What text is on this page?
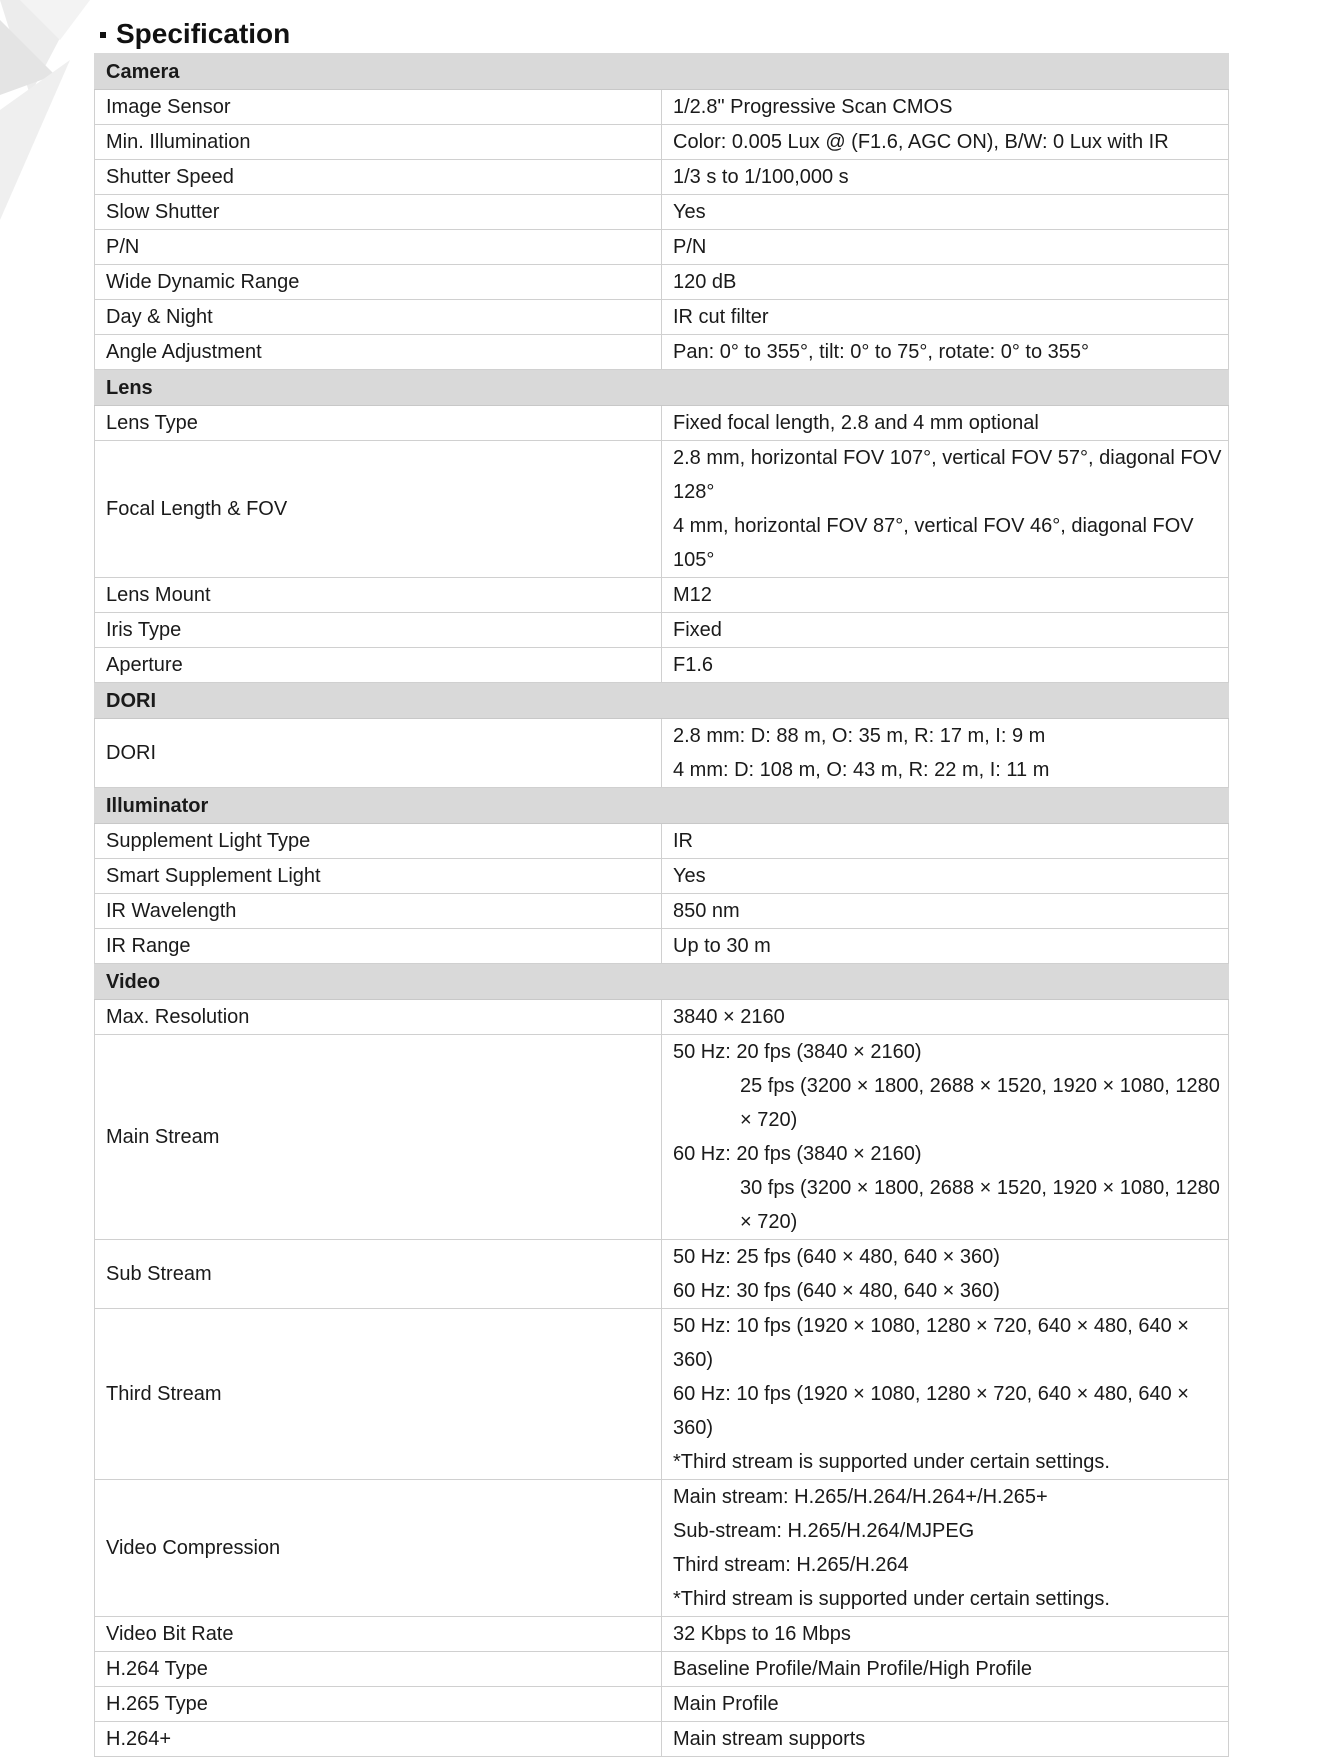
Specification
Camera	
Image Sensor	1/2.8" Progressive Scan CMOS

Min. Illumination	Color: 0.005 Lux @ (F1.6, AGC ON), B/W: 0 Lux with IR

Shutter Speed	1/3 s to 1/100,000 s

Slow Shutter	Yes

P/N	P/N

Wide Dynamic Range	120 dB

Day & Night	IR cut filter

Angle Adjustment	Pan: 0° to 355°, tilt: 0° to 75°, rotate: 0° to 355°

Lens	
Lens Type	Fixed focal length, 2.8 and 4 mm optional

Focal Length & FOV	2.8 mm, horizontal FOV 107°, vertical FOV 57°, diagonal FOV 128°
4 mm, horizontal FOV 87°, vertical FOV 46°, diagonal FOV 105°

Lens Mount	M12

Iris Type	Fixed

Aperture	F1.6

DORI	
DORI	2.8 mm: D: 88 m, O: 35 m, R: 17 m, I: 9 m
4 mm: D: 108 m, O: 43 m, R: 22 m, I: 11 m

Illuminator	
Supplement Light Type	IR

Smart Supplement Light	Yes

IR Wavelength	850 nm

IR Range	Up to 30 m

Video	
Max. Resolution	3840 × 2160

Main Stream	50 Hz: 20 fps (3840 × 2160)
25 fps (3200 × 1800, 2688 × 1520, 1920 × 1080, 1280 × 720)
60 Hz: 20 fps (3840 × 2160)
30 fps (3200 × 1800, 2688 × 1520, 1920 × 1080, 1280 × 720)

Sub Stream	50 Hz: 25 fps (640 × 480, 640 × 360)
60 Hz: 30 fps (640 × 480, 640 × 360)

Third Stream	50 Hz: 10 fps (1920 × 1080, 1280 × 720, 640 × 480, 640 × 360)
60 Hz: 10 fps (1920 × 1080, 1280 × 720, 640 × 480, 640 × 360)
*Third stream is supported under certain settings.

Video Compression	Main stream: H.265/H.264/H.264+/H.265+
Sub-stream: H.265/H.264/MJPEG
Third stream: H.265/H.264
*Third stream is supported under certain settings.

Video Bit Rate	32 Kbps to 16 Mbps

H.264 Type	Baseline Profile/Main Profile/High Profile

H.265 Type	Main Profile

H.264+	Main stream supports
